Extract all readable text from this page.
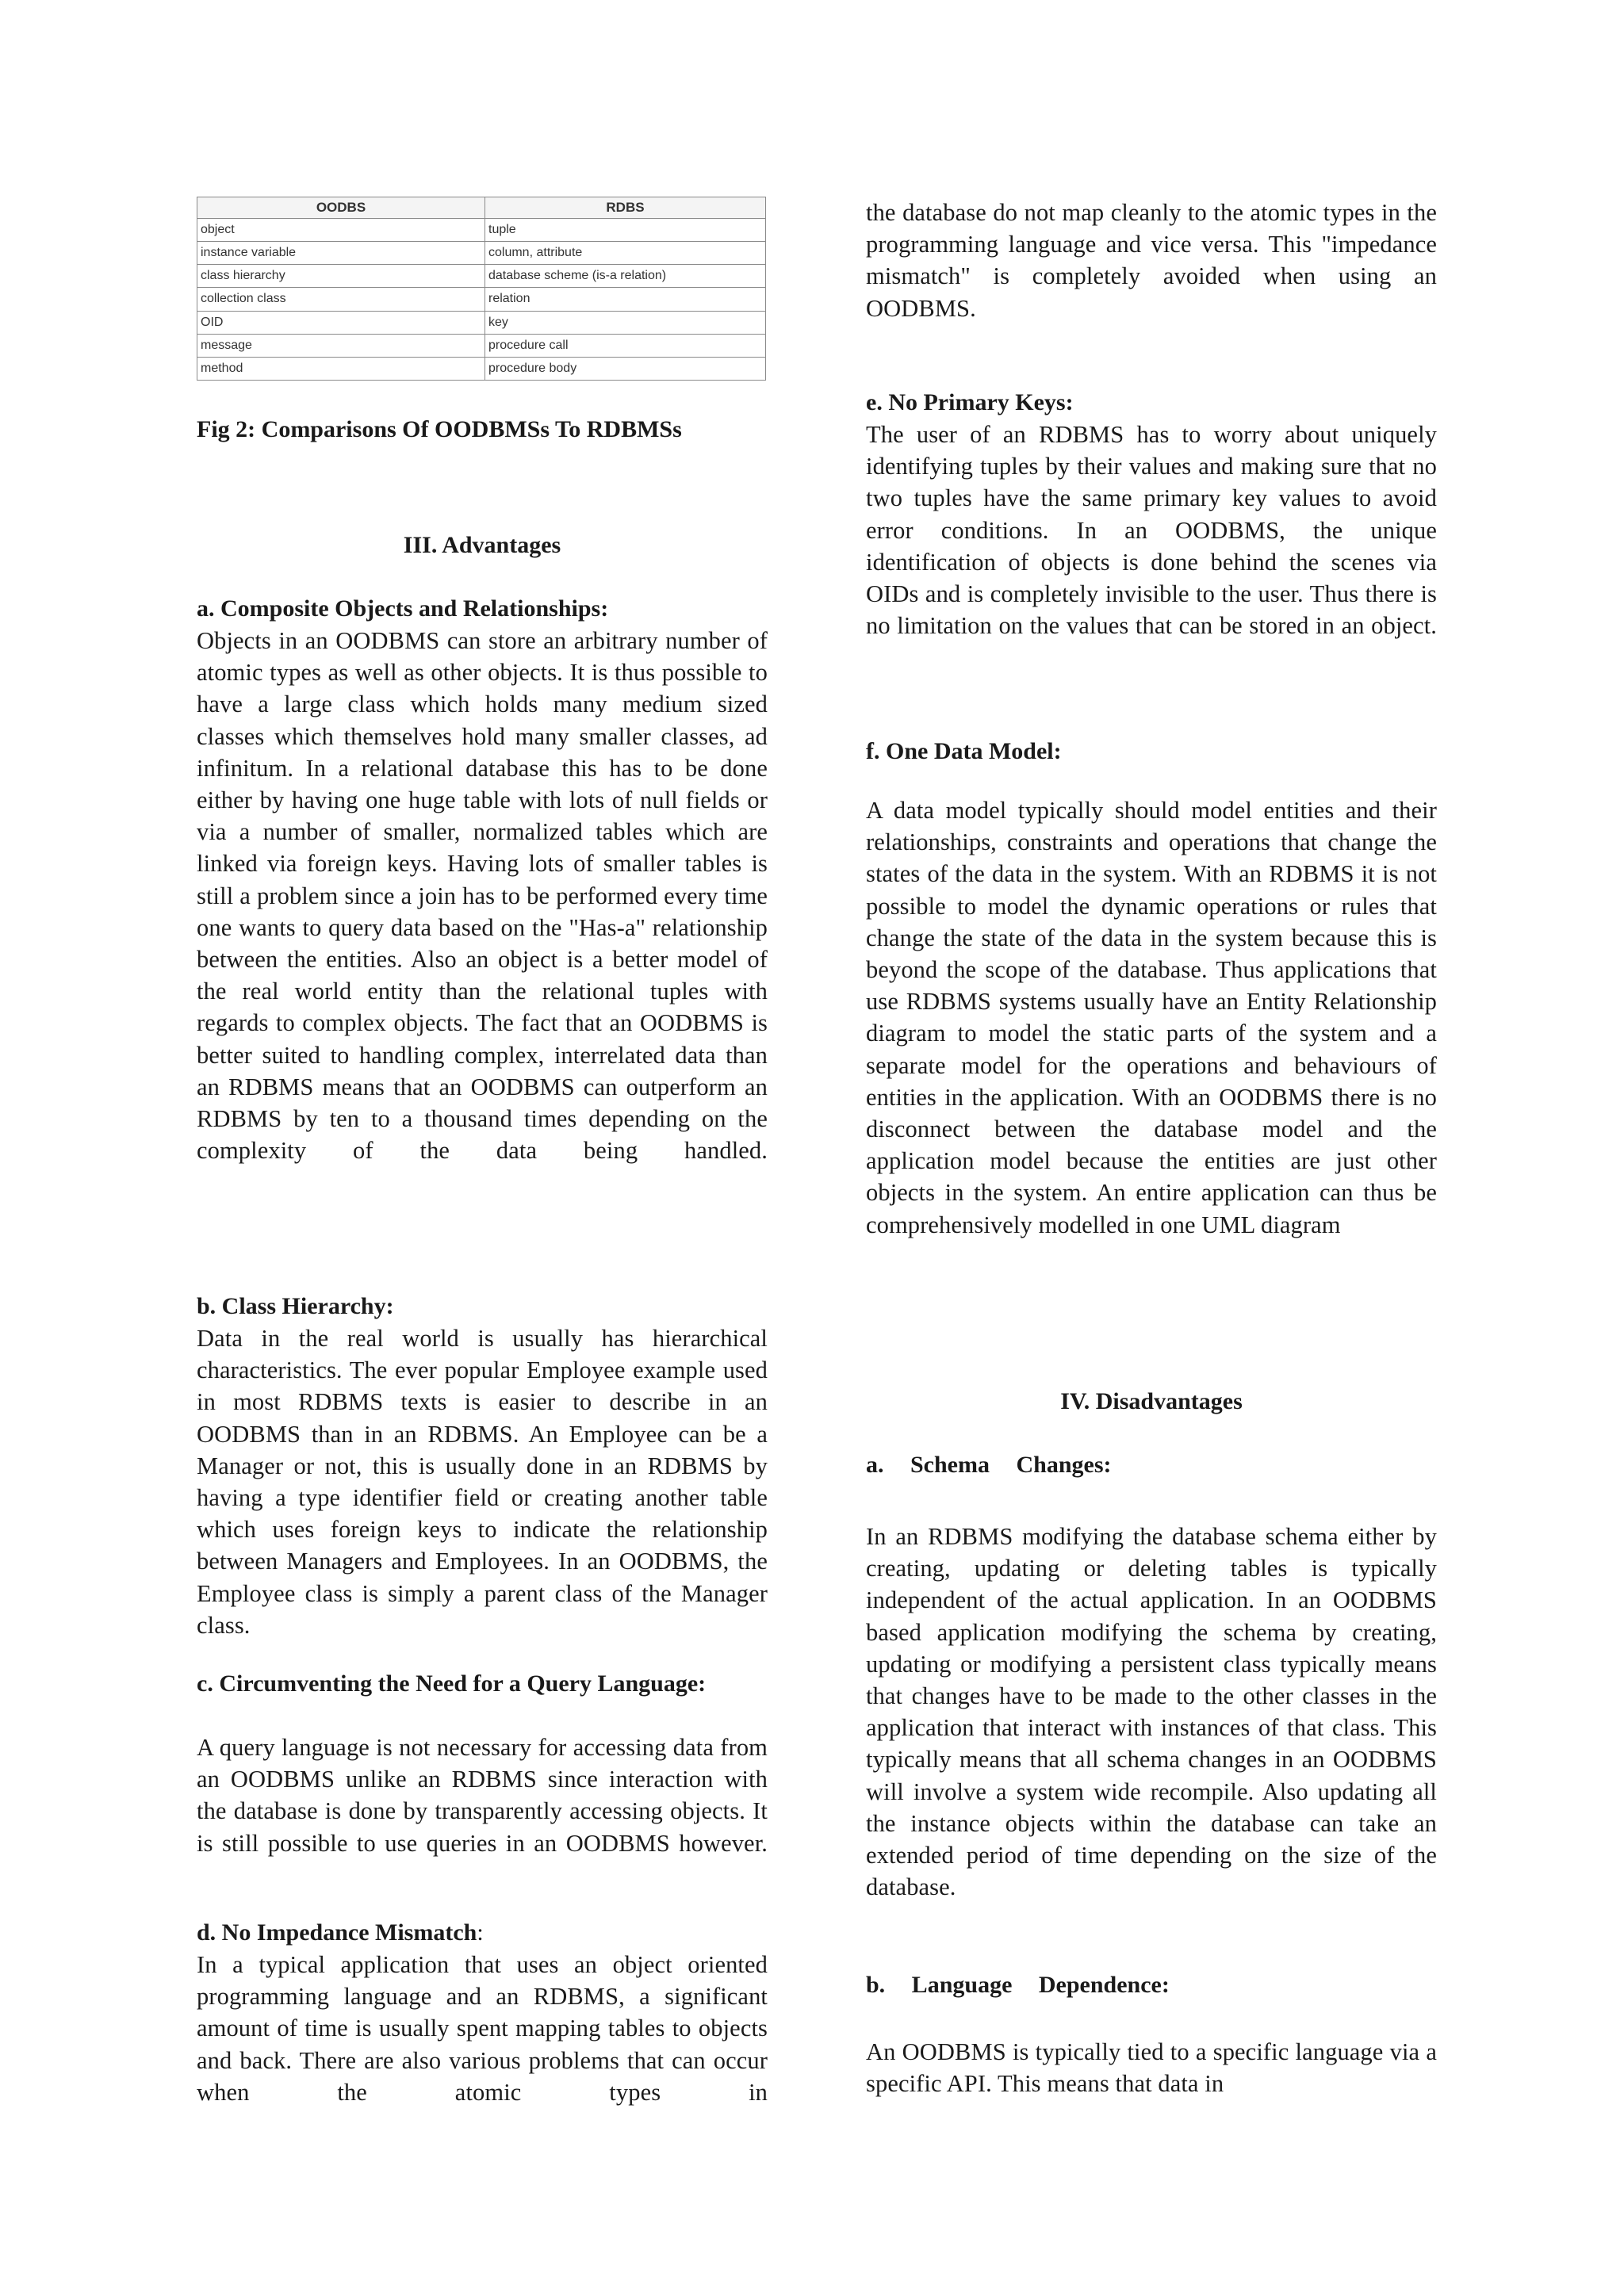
OODBS	RDBS
object	tuple
instance variable	column, attribute
class hierarchy	database scheme (is-a relation)
collection class	relation
OID	key
message	procedure call
method	procedure body

Fig 2: Comparisons Of OODBMSs To RDBMSs

III. Advantages
a. Composite Objects and Relationships:

Objects in an OODBMS can store an arbitrary number of atomic types as well as other objects. It is thus possible to have a large class which holds many medium sized classes which themselves hold many smaller classes, ad infinitum. In a relational database this has to be done either by having one huge table with lots of null fields or via a number of smaller, normalized tables which are linked via foreign keys. Having lots of smaller tables is still a problem since a join has to be performed every time one wants to query data based on the "Has-a" relationship between the entities. Also an object is a better model of the real world entity than the relational tuples with regards to complex objects. The fact that an OODBMS is better suited to handling complex, interrelated data than an RDBMS means that an OODBMS can outperform an RDBMS by ten to a thousand times depending on the complexity of the data being handled.

b. Class Hierarchy:

Data in the real world is usually has hierarchical characteristics. The ever popular Employee example used in most RDBMS texts is easier to describe in an OODBMS than in an RDBMS. An Employee can be a Manager or not, this is usually done in an RDBMS by having a type identifier field or creating another table which uses foreign keys to indicate the relationship between Managers and Employees. In an OODBMS, the Employee class is simply a parent class of the Manager class.

c. Circumventing the Need for a Query Language:

A query language is not necessary for accessing data from an OODBMS unlike an RDBMS since interaction with the database is done by transparently accessing objects. It is still possible to use queries in an OODBMS however.

d. No Impedance Mismatch:

In a typical application that uses an object oriented programming language and an RDBMS, a significant amount of time is usually spent mapping tables to objects and back. There are also various problems that can occur when the atomic types in

the database do not map cleanly to the atomic types in the programming language and vice versa. This "impedance mismatch" is completely avoided when using an OODBMS.

e. No Primary Keys:

The user of an RDBMS has to worry about uniquely identifying tuples by their values and making sure that no two tuples have the same primary key values to avoid error conditions. In an OODBMS, the unique identification of objects is done behind the scenes via OIDs and is completely invisible to the user. Thus there is no limitation on the values that can be stored in an object.

f. One Data Model:

A data model typically should model entities and their relationships, constraints and operations that change the states of the data in the system. With an RDBMS it is not possible to model the dynamic operations or rules that change the state of the data in the system because this is beyond the scope of the database. Thus applications that use RDBMS systems usually have an Entity Relationship diagram to model the static parts of the system and a separate model for the operations and behaviours of entities in the application. With an OODBMS there is no disconnect between the database model and the application model because the entities are just other objects in the system. An entire application can thus be comprehensively modelled in one UML diagram

IV. Disadvantages
a. Schema Changes:

In an RDBMS modifying the database schema either by creating, updating or deleting tables is typically independent of the actual application. In an OODBMS based application modifying the schema by creating, updating or modifying a persistent class typically means that changes have to be made to the other classes in the application that interact with instances of that class. This typically means that all schema changes in an OODBMS will involve a system wide recompile. Also updating all the instance objects within the database can take an extended period of time depending on the size of the database.

b. Language Dependence:

An OODBMS is typically tied to a specific language via a specific API. This means that data in
